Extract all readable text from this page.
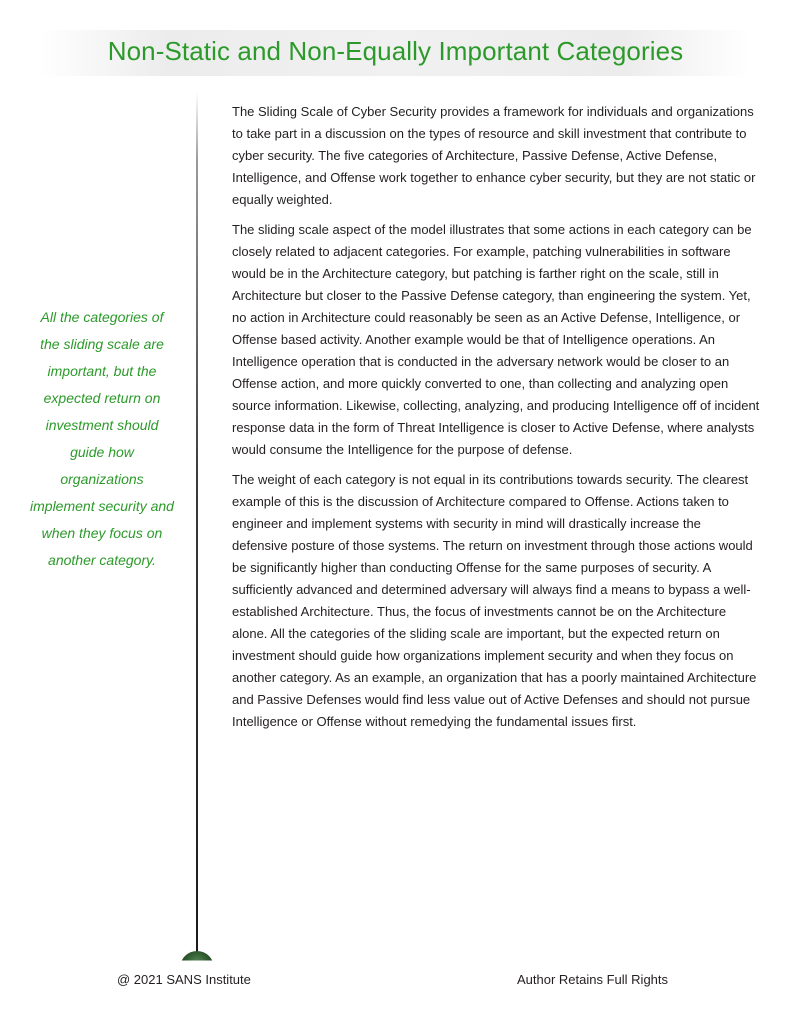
Non-Static and Non-Equally Important Categories
All the categories of the sliding scale are important, but the expected return on investment should guide how organizations implement security and when they focus on another category.

The Sliding Scale of Cyber Security provides a framework for individuals and organizations to take part in a discussion on the types of resource and skill investment that contribute to cyber security. The five categories of Architecture, Passive Defense, Active Defense, Intelligence, and Offense work together to enhance cyber security, but they are not static or equally weighted.

The sliding scale aspect of the model illustrates that some actions in each category can be closely related to adjacent categories. For example, patching vulnerabilities in software would be in the Architecture category, but patching is farther right on the scale, still in Architecture but closer to the Passive Defense category, than engineering the system. Yet, no action in Architecture could reasonably be seen as an Active Defense, Intelligence, or Offense based activity. Another example would be that of Intelligence operations. An Intelligence operation that is conducted in the adversary network would be closer to an Offense action, and more quickly converted to one, than collecting and analyzing open source information. Likewise, collecting, analyzing, and producing Intelligence off of incident response data in the form of Threat Intelligence is closer to Active Defense, where analysts would consume the Intelligence for the purpose of defense.

The weight of each category is not equal in its contributions towards security. The clearest example of this is the discussion of Architecture compared to Offense. Actions taken to engineer and implement systems with security in mind will drastically increase the defensive posture of those systems. The return on investment through those actions would be significantly higher than conducting Offense for the same purposes of security. A sufficiently advanced and determined adversary will always find a means to bypass a well-established Architecture. Thus, the focus of investments cannot be on the Architecture alone. All the categories of the sliding scale are important, but the expected return on investment should guide how organizations implement security and when they focus on another category. As an example, an organization that has a poorly maintained Architecture and Passive Defenses would find less value out of Active Defenses and should not pursue Intelligence or Offense without remedying the fundamental issues first.

@ 2021 SANS Institute	Author Retains Full Rights
